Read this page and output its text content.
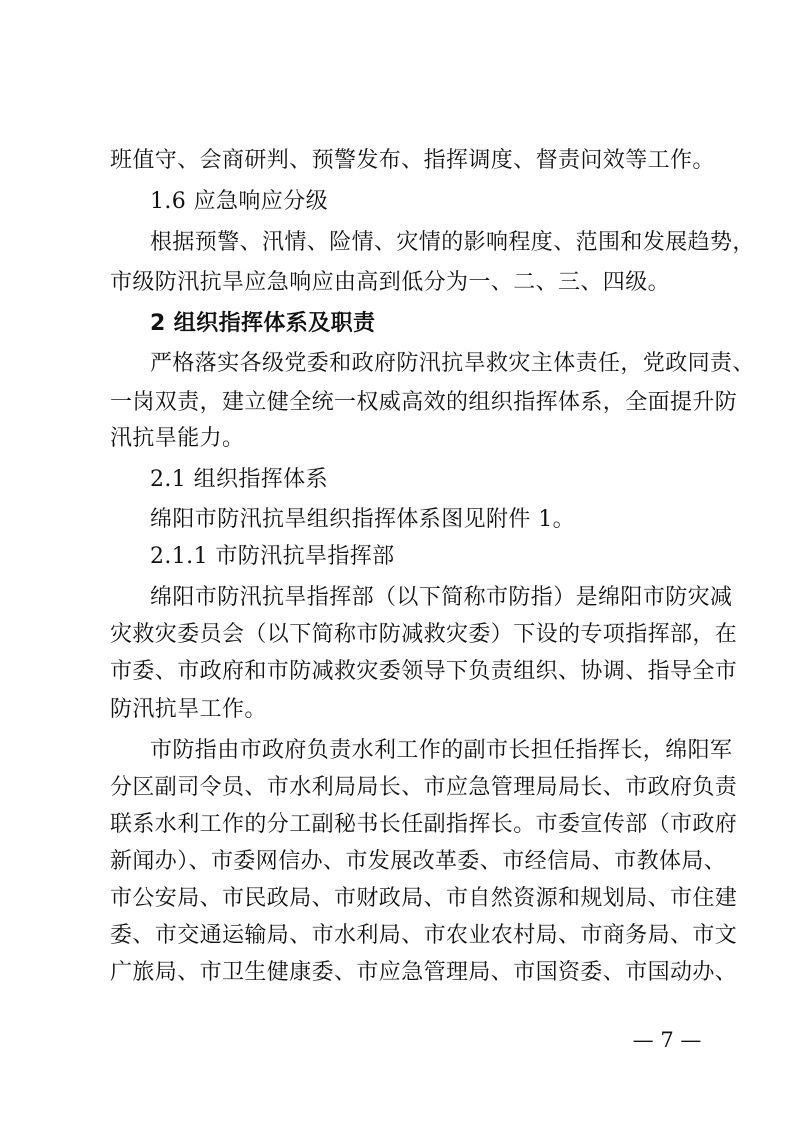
班值守、会商研判、预警发布、指挥调度、督责问效等工作。

1.6 应急响应分级

根据预警、汛情、险情、灾情的影响程度、范围和发展趋势，

市级防汛抗旱应急响应由高到低分为一、二、三、四级。

2 组织指挥体系及职责

严格落实各级党委和政府防汛抗旱救灾主体责任，党政同责、

一岗双责，建立健全统一权威高效的组织指挥体系，全面提升防

汛抗旱能力。

2.1 组织指挥体系

绵阳市防汛抗旱组织指挥体系图见附件 1。

2.1.1 市防汛抗旱指挥部

绵阳市防汛抗旱指挥部（以下简称市防指）是绵阳市防灾减

灾救灾委员会（以下简称市防减救灾委）下设的专项指挥部，在

市委、市政府和市防减救灾委领导下负责组织、协调、指导全市

防汛抗旱工作。

市防指由市政府负责水利工作的副市长担任指挥长，绵阳军

分区副司令员、市水利局局长、市应急管理局局长、市政府负责

联系水利工作的分工副秘书长任副指挥长。市委宣传部（市政府

新闻办）、市委网信办、市发展改革委、市经信局、市教体局、

市公安局、市民政局、市财政局、市自然资源和规划局、市住建

委、市交通运输局、市水利局、市农业农村局、市商务局、市文

广旅局、市卫生健康委、市应急管理局、市国资委、市国动办、

— 7 —
